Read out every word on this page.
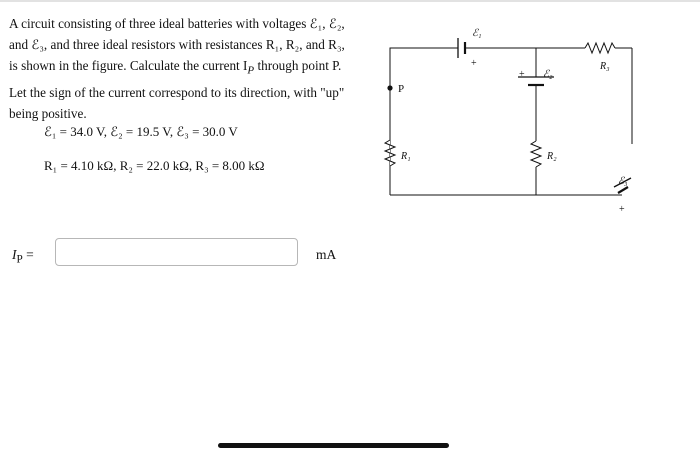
A circuit consisting of three ideal batteries with voltages ℰ₁, ℰ₂, and ℰ₃, and three ideal resistors with resistances R₁, R₂, and R₃, is shown in the figure. Calculate the current $I_P$ through point P. Let the sign of the current correspond to its direction, with "up" being positive.
ℰ₁ = 34.0 V, ℰ₂ = 19.5 V, ℰ₃ = 30.0 V
R₁ = 4.10 kΩ, R₂ = 22.0 kΩ, R₃ = 8.00 kΩ
$I_P$ =	mA
P
ℰ₁
+
+ ℰ₂
R₃
R₁	R₂
ℰ₃
+
